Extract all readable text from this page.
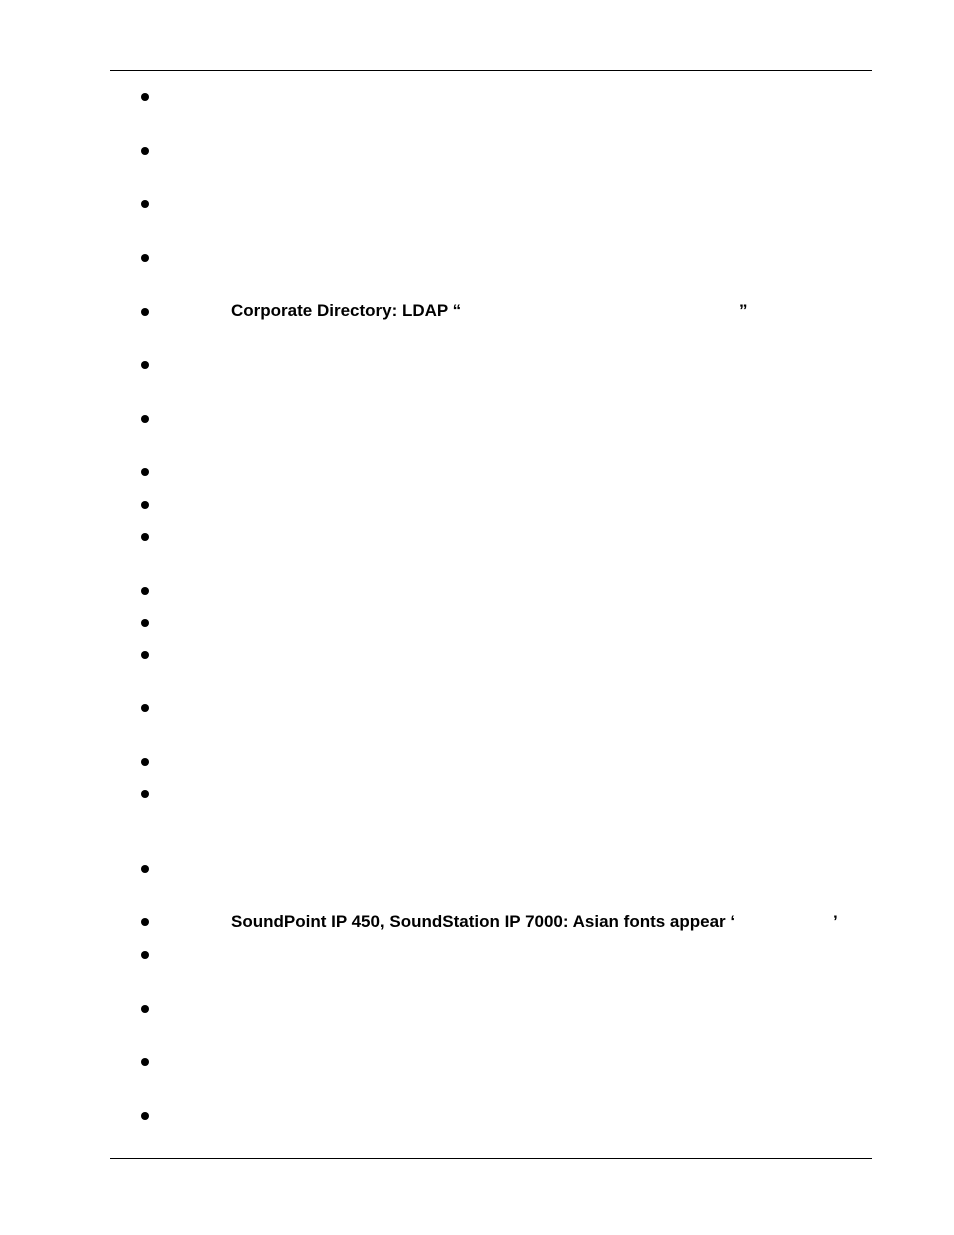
Corporate Directory: LDAP “	”
SoundPoint IP 450, SoundStation IP 7000: Asian fonts appear ‘	’
